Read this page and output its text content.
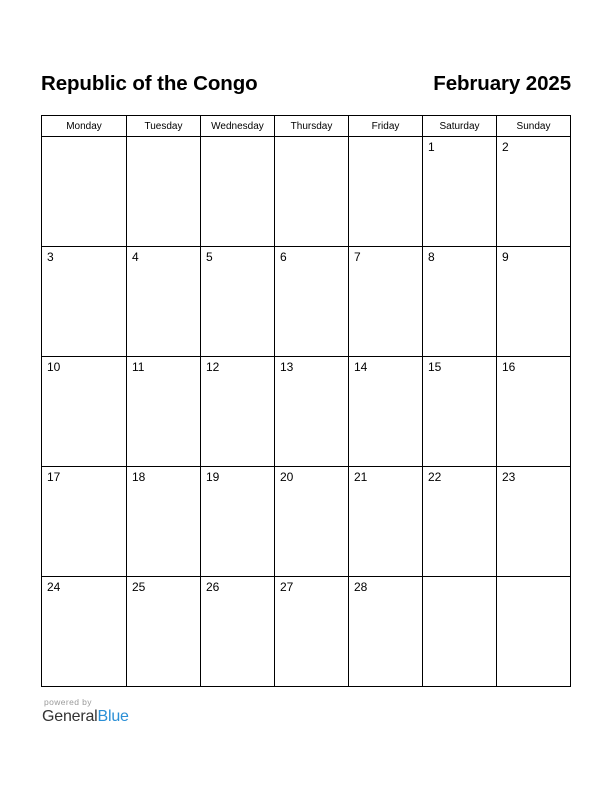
Republic of the Congo	February 2025
Monday	Tuesday	Wednesday	Thursday	Friday	Saturday	Sunday

					1	2

3	4	5	6	7	8	9

10	11	12	13	14	15	16

17	18	19	20	21	22	23

24	25	26	27	28		

powered by
GeneralBlue
